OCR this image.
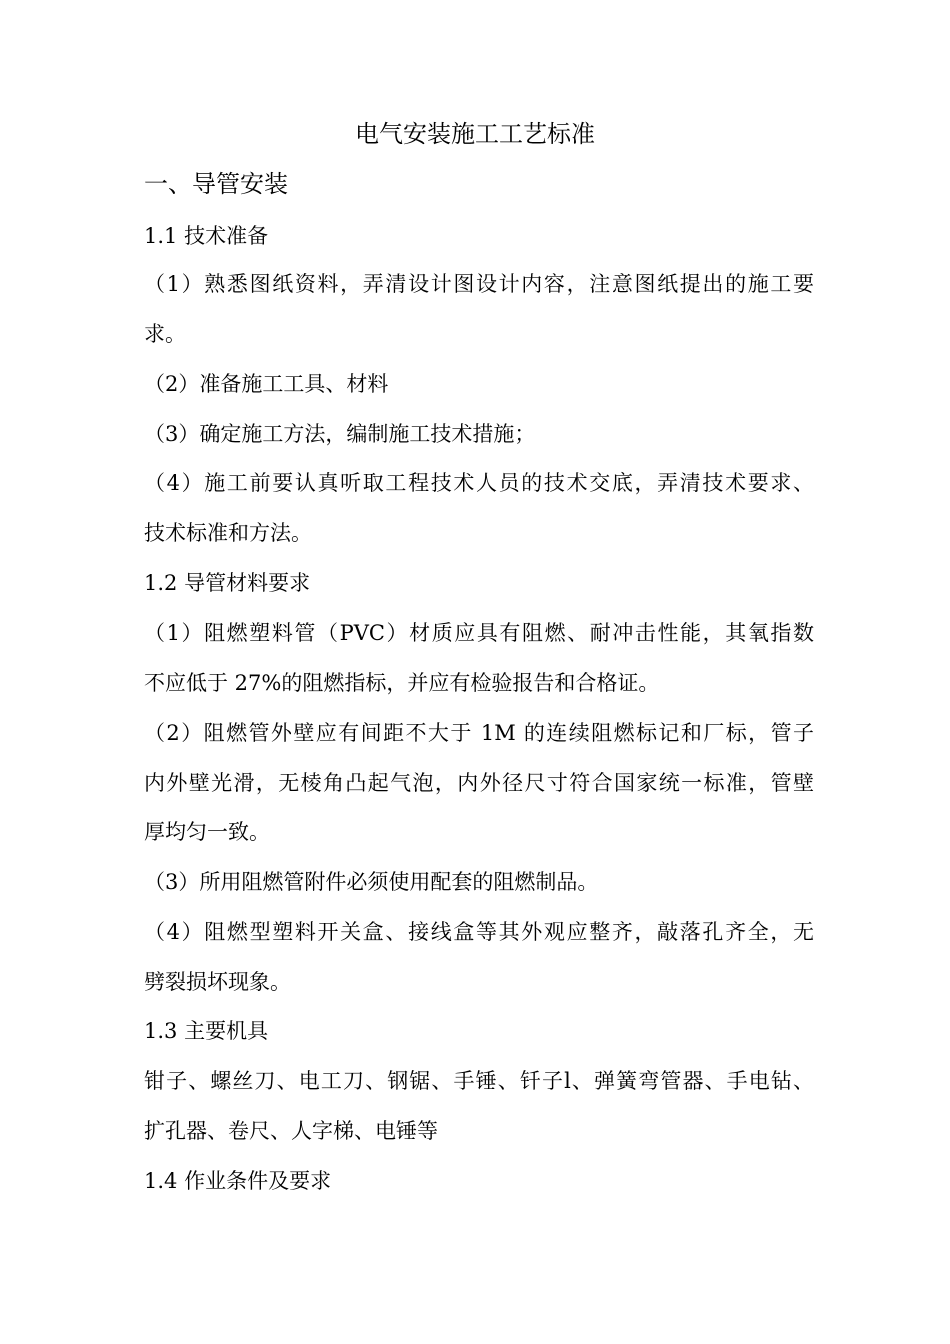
电气安装施工工艺标准
一、导管安装

1.1 技术准备

（1）熟悉图纸资料，弄清设计图设计内容，注意图纸提出的施工要

求。

（2）准备施工工具、材料

（3）确定施工方法，编制施工技术措施；

（4）施工前要认真听取工程技术人员的技术交底，弄清技术要求、

技术标准和方法。

1.2 导管材料要求

（1）阻燃塑料管（PVC）材质应具有阻燃、耐冲击性能，其氧指数

不应低于 27%的阻燃指标，并应有检验报告和合格证。

（2）阻燃管外壁应有间距不大于 1M 的连续阻燃标记和厂标，管子

内外壁光滑，无棱角凸起气泡，内外径尺寸符合国家统一标准，管壁

厚均匀一致。

（3）所用阻燃管附件必须使用配套的阻燃制品。

（4）阻燃型塑料开关盒、接线盒等其外观应整齐，敲落孔齐全，无

劈裂损坏现象。

1.3 主要机具

钳子、螺丝刀、电工刀、钢锯、手锤、钎子l、弹簧弯管器、手电钻、

扩孔器、卷尺、人字梯、电锤等

1.4 作业条件及要求
